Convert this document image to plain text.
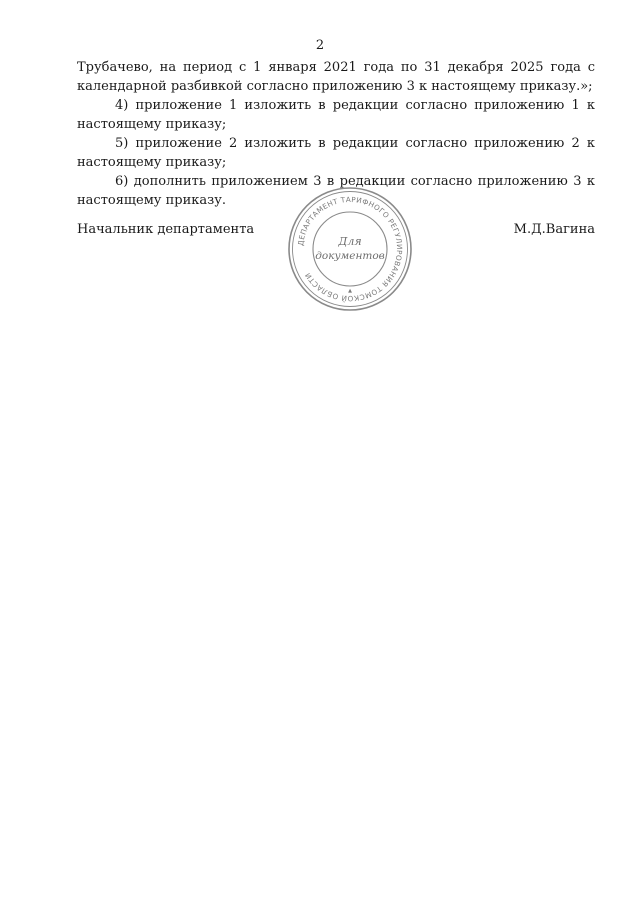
2

Трубачево, на период с 1 января 2021 года по 31 декабря 2025 года с календарной разбивкой согласно приложению 3 к настоящему приказу.»;

4) приложение 1 изложить в редакции согласно приложению 1 к настоящему приказу;

5) приложение 2 изложить в редакции согласно приложению 2 к настоящему приказу;

6) дополнить приложением 3 в редакции согласно приложению 3 к настоящему приказу.

Начальник департамента	М.Д.Вагина
ДЕПАРТАМЕНТ ТАРИФНОГО РЕГУЛИРОВАНИЯ ТОМСКОЙ ОБЛАСТИ
Для
документов
▲
